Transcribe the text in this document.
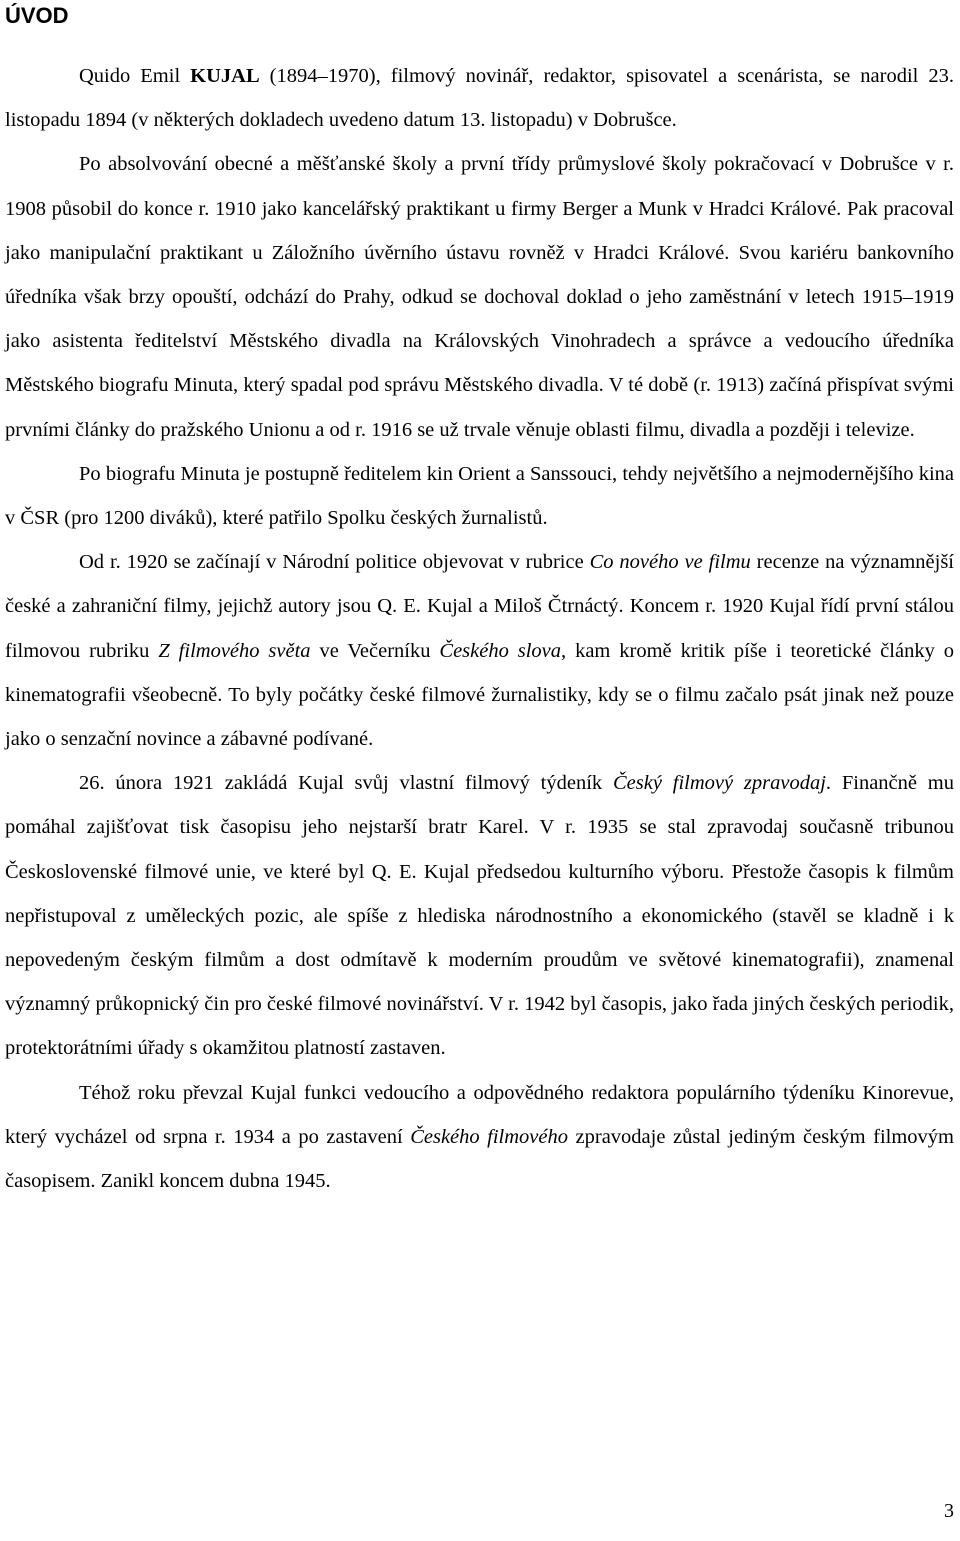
ÚVOD

Quido Emil KUJAL (1894–1970), filmový novinář, redaktor, spisovatel a scenárista, se narodil 23. listopadu 1894 (v některých dokladech uvedeno datum 13. listopadu) v Dobrušce.

Po absolvování obecné a měšťanské školy a první třídy průmyslové školy pokračovací v Dobrušce v r. 1908 působil do konce r. 1910 jako kancelářský praktikant u firmy Berger a Munk v Hradci Králové. Pak pracoval jako manipulační praktikant u Záložního úvěrního ústavu rovněž v Hradci Králové. Svou kariéru bankovního úředníka však brzy opouští, odchází do Prahy, odkud se dochoval doklad o jeho zaměstnání v letech 1915–1919 jako asistenta ředitelství Městského divadla na Královských Vinohradech a správce a vedoucího úředníka Městského biografu Minuta, který spadal pod správu Městského divadla. V té době (r. 1913) začíná přispívat svými prvními články do pražského Unionu a od r. 1916 se už trvale věnuje oblasti filmu, divadla a později i televize.

Po biografu Minuta je postupně ředitelem kin Orient a Sanssouci, tehdy největšího a nejmodernějšího kina v ČSR (pro 1200 diváků), které patřilo Spolku českých žurnalistů.

Od r. 1920 se začínají v Národní politice objevovat v rubrice Co nového ve filmu recenze na významnější české a zahraniční filmy, jejichž autory jsou Q. E. Kujal a Miloš Čtrnáctý. Koncem r. 1920 Kujal řídí první stálou filmovou rubriku Z filmového světa ve Večerníku Českého slova, kam kromě kritik píše i teoretické články o kinematografii všeobecně. To byly počátky české filmové žurnalistiky, kdy se o filmu začalo psát jinak než pouze jako o senzační novince a zábavné podívané.

26. února 1921 zakládá Kujal svůj vlastní filmový týdeník Český filmový zpravodaj. Finančně mu pomáhal zajišťovat tisk časopisu jeho nejstarší bratr Karel. V r. 1935 se stal zpravodaj současně tribunou Československé filmové unie, ve které byl Q. E. Kujal předsedou kulturního výboru. Přestože časopis k filmům nepřistupoval z uměleckých pozic, ale spíše z hlediska národnostního a ekonomického (stavěl se kladně i k nepovedeným českým filmům a dost odmítavě k moderním proudům ve světové kinematografii), znamenal významný průkopnický čin pro české filmové novinářství. V r. 1942 byl časopis, jako řada jiných českých periodik, protektorátními úřady s okamžitou platností zastaven.

Téhož roku převzal Kujal funkci vedoucího a odpovědného redaktora populárního týdeníku Kinorevue, který vycházel od srpna r. 1934 a po zastavení Českého filmového zpravodaje zůstal jediným českým filmovým časopisem. Zanikl koncem dubna 1945.

3
